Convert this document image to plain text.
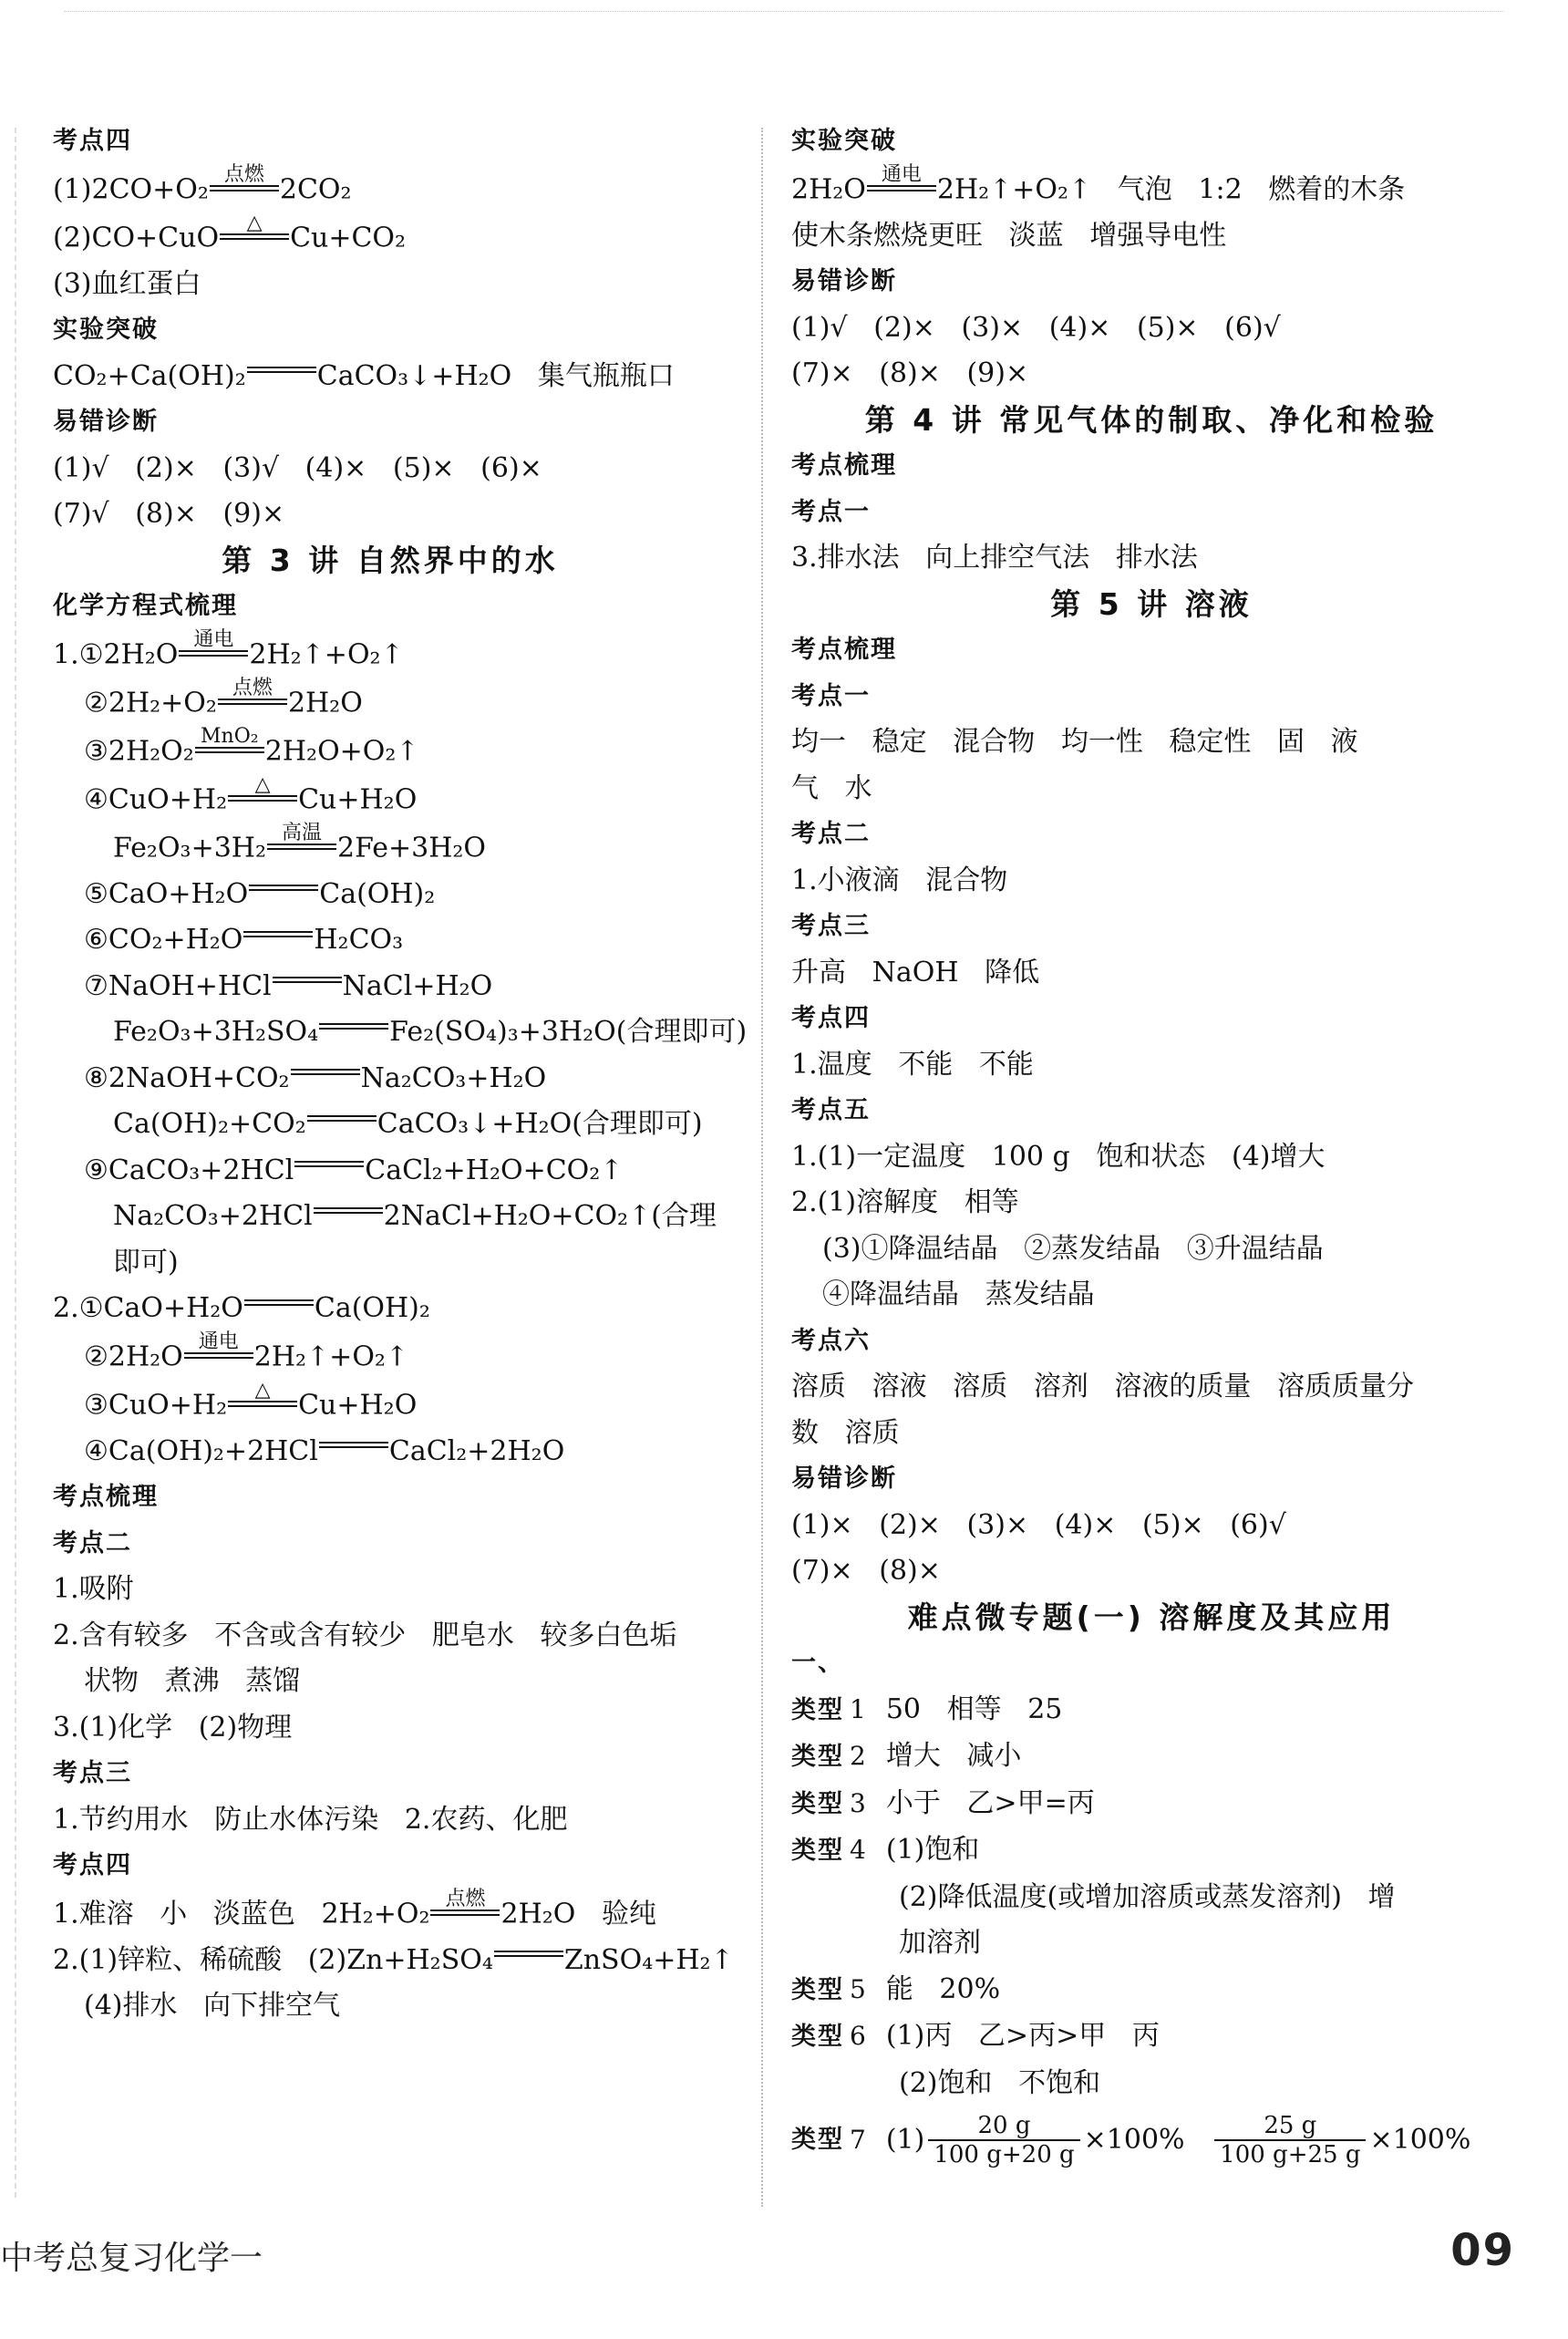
考点四
(1)2CO+O₂ 点燃 2CO₂
(2)CO+CuO △ Cu+CO₂
(3)血红蛋白
实验突破
CO₂+Ca(OH)₂	CaCO₃↓+H₂O   集气瓶瓶口
易错诊断
(1)√   (2)×   (3)√   (4)×   (5)×   (6)×
(7)√   (8)×   (9)×
第 3 讲 自然界中的水
化学方程式梳理
1.①2H₂O 通电 2H₂↑+O₂↑
②2H₂+O₂ 点燃 2H₂O
③2H₂O₂ MnO₂ 2H₂O+O₂↑
④CuO+H₂ △ Cu+H₂O
Fe₂O₃+3H₂ 高温 2Fe+3H₂O
⑤CaO+H₂O	Ca(OH)₂
⑥CO₂+H₂O	H₂CO₃
⑦NaOH+HCl	NaCl+H₂O
Fe₂O₃+3H₂SO₄	Fe₂(SO₄)₃+3H₂O(合理即可)
⑧2NaOH+CO₂	Na₂CO₃+H₂O
Ca(OH)₂+CO₂	CaCO₃↓+H₂O(合理即可)
⑨CaCO₃+2HCl	CaCl₂+H₂O+CO₂↑
Na₂CO₃+2HCl	2NaCl+H₂O+CO₂↑(合理
即可)
2.①CaO+H₂O	Ca(OH)₂
②2H₂O 通电 2H₂↑+O₂↑
③CuO+H₂ △ Cu+H₂O
④Ca(OH)₂+2HCl	CaCl₂+2H₂O
考点梳理
考点二
1.吸附
2.含有较多   不含或含有较少   肥皂水   较多白色垢
状物   煮沸   蒸馏
3.(1)化学   (2)物理
考点三
1.节约用水   防止水体污染   2.农药、化肥
考点四
1.难溶   小   淡蓝色   2H₂+O₂ 点燃 2H₂O   验纯
2.(1)锌粒、稀硫酸   (2)Zn+H₂SO₄	ZnSO₄+H₂↑
(4)排水   向下排空气
实验突破
2H₂O 通电 2H₂↑+O₂↑   气泡   1:2   燃着的木条
使木条燃烧更旺   淡蓝   增强导电性
易错诊断
(1)√   (2)×   (3)×   (4)×   (5)×   (6)√
(7)×   (8)×   (9)×
第 4 讲 常见气体的制取、净化和检验
考点梳理
考点一
3.排水法   向上排空气法   排水法
第 5 讲 溶液
考点梳理
考点一
均一   稳定   混合物   均一性   稳定性   固   液
气   水
考点二
1.小液滴   混合物
考点三
升高   NaOH   降低
考点四
1.温度   不能   不能
考点五
1.(1)一定温度   100 g   饱和状态   (4)增大
2.(1)溶解度   相等
(3)①降温结晶   ②蒸发结晶   ③升温结晶
④降温结晶   蒸发结晶
考点六
溶质   溶液   溶质   溶剂   溶液的质量   溶质质量分
数   溶质
易错诊断
(1)×   (2)×   (3)×   (4)×   (5)×   (6)√
(7)×   (8)×
难点微专题(一) 溶解度及其应用
一、
类型 1 50   相等   25
类型 2 增大   减小
类型 3 小于   乙>甲=丙
类型 4 (1)饱和
(2)降低温度(或增加溶质或蒸发溶剂)   增
加溶剂
类型 5 能   20%
类型 6 (1)丙   乙>丙>甲   丙
(2)饱和   不饱和
类型 7 $(1) \frac{20 g}{100 g+20 g} \times 100\% \frac{25 g}{100 g+25 g} \times 100\%$
中考总复习化学一	09
